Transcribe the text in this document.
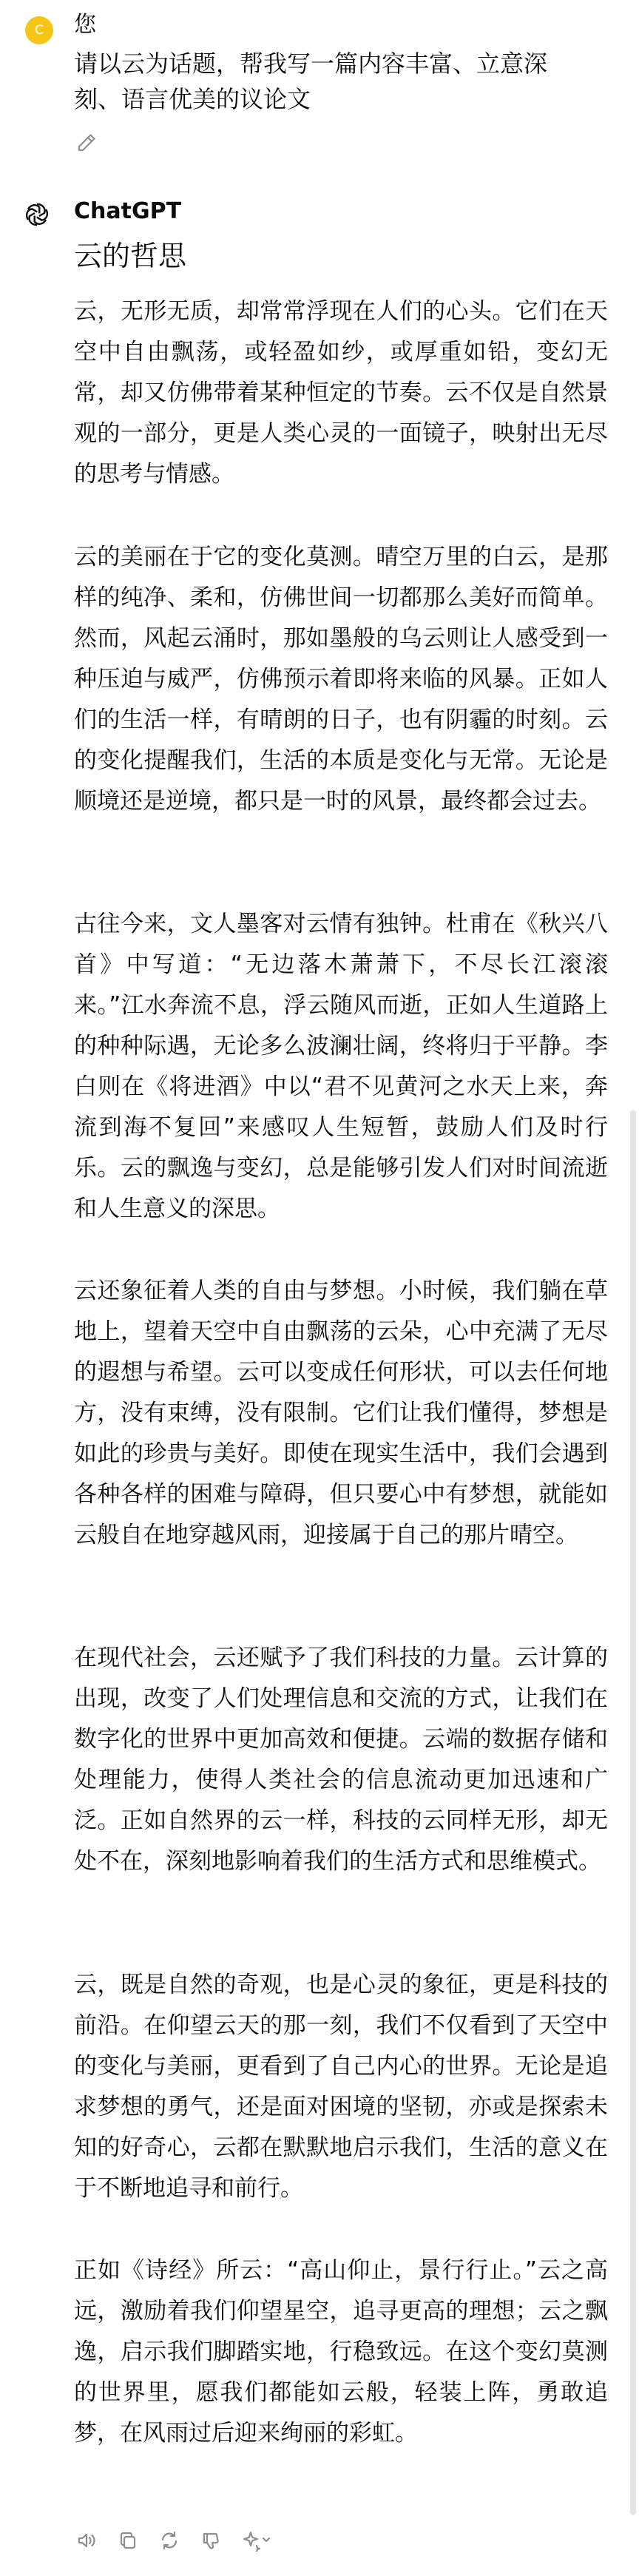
C	您
请以云为话题，帮我写一篇内容丰富、立意深刻、语言优美的议论文
ChatGPT
云的哲思
云，无形无质，却常常浮现在人们的心头。它们在天空中自由飘荡，或轻盈如纱，或厚重如铅，变幻无常，却又仿佛带着某种恒定的节奏。云不仅是自然景观的一部分，更是人类心灵的一面镜子，映射出无尽的思考与情感。
云的美丽在于它的变化莫测。晴空万里的白云，是那样的纯净、柔和，仿佛世间一切都那么美好而简单。然而，风起云涌时，那如墨般的乌云则让人感受到一种压迫与威严，仿佛预示着即将来临的风暴。正如人们的生活一样，有晴朗的日子，也有阴霾的时刻。云的变化提醒我们，生活的本质是变化与无常。无论是顺境还是逆境，都只是一时的风景，最终都会过去。
古往今来，文人墨客对云情有独钟。杜甫在《秋兴八首》中写道：“无边落木萧萧下，不尽长江滚滚来。”江水奔流不息，浮云随风而逝，正如人生道路上的种种际遇，无论多么波澜壮阔，终将归于平静。李白则在《将进酒》中以“君不见黄河之水天上来，奔流到海不复回”来感叹人生短暂，鼓励人们及时行乐。云的飘逸与变幻，总是能够引发人们对时间流逝和人生意义的深思。
云还象征着人类的自由与梦想。小时候，我们躺在草地上，望着天空中自由飘荡的云朵，心中充满了无尽的遐想与希望。云可以变成任何形状，可以去任何地方，没有束缚，没有限制。它们让我们懂得，梦想是如此的珍贵与美好。即使在现实生活中，我们会遇到各种各样的困难与障碍，但只要心中有梦想，就能如云般自在地穿越风雨，迎接属于自己的那片晴空。
在现代社会，云还赋予了我们科技的力量。云计算的出现，改变了人们处理信息和交流的方式，让我们在数字化的世界中更加高效和便捷。云端的数据存储和处理能力，使得人类社会的信息流动更加迅速和广泛。正如自然界的云一样，科技的云同样无形，却无处不在，深刻地影响着我们的生活方式和思维模式。
云，既是自然的奇观，也是心灵的象征，更是科技的前沿。在仰望云天的那一刻，我们不仅看到了天空中的变化与美丽，更看到了自己内心的世界。无论是追求梦想的勇气，还是面对困境的坚韧，亦或是探索未知的好奇心，云都在默默地启示我们，生活的意义在于不断地追寻和前行。
正如《诗经》所云：“高山仰止，景行行止。”云之高远，激励着我们仰望星空，追寻更高的理想；云之飘逸，启示我们脚踏实地，行稳致远。在这个变幻莫测的世界里，愿我们都能如云般，轻装上阵，勇敢追梦，在风雨过后迎来绚丽的彩虹。
